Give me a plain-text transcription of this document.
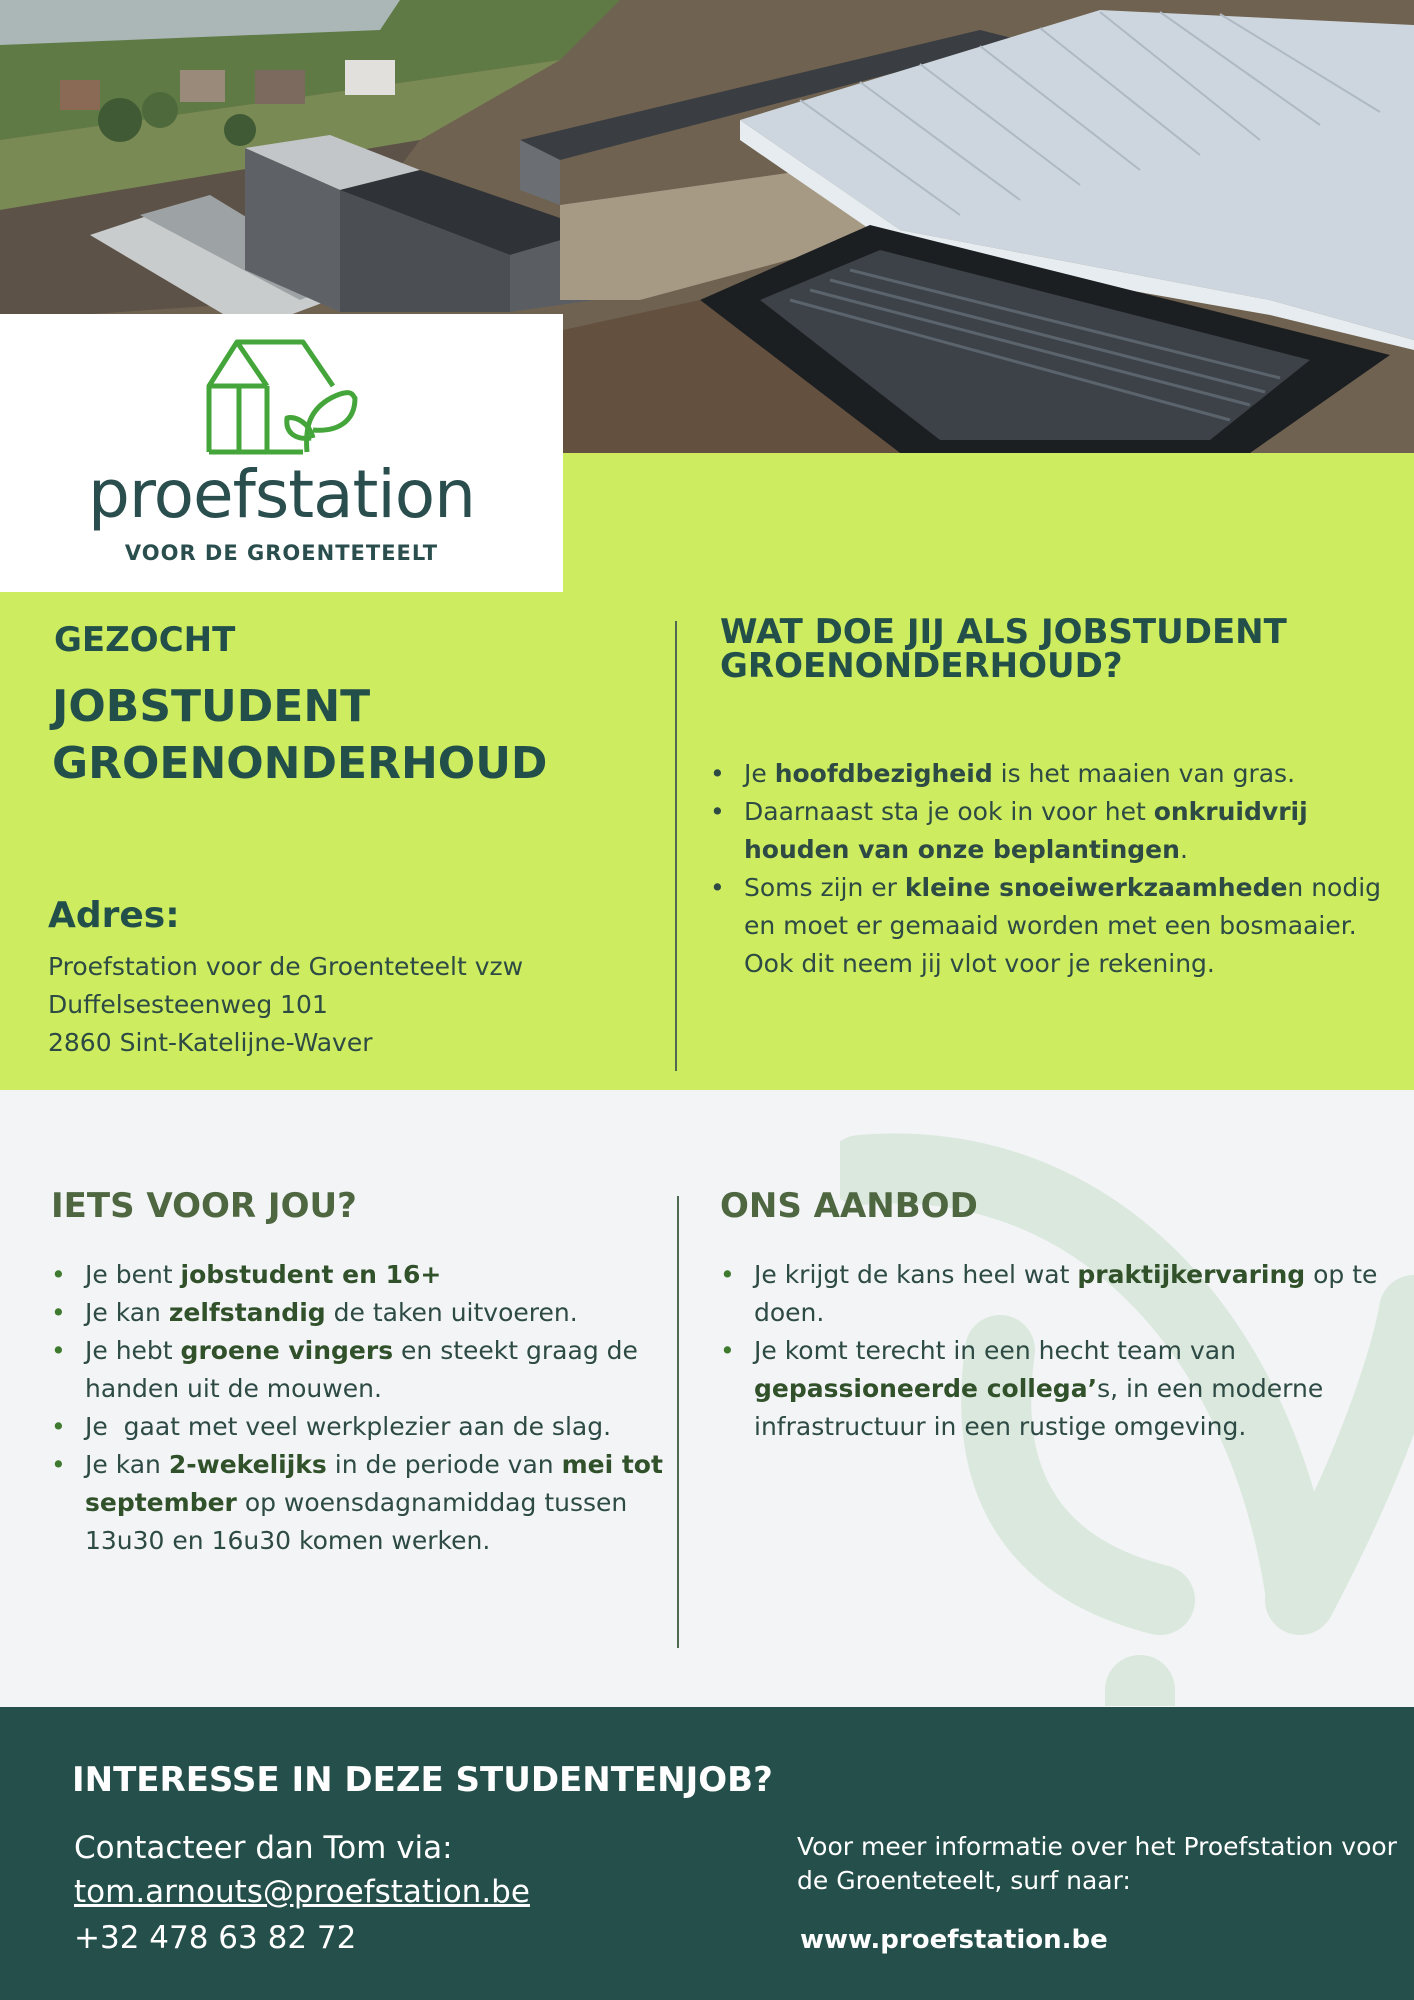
proefstation
VOOR DE GROENTETEELT
GEZOCHT
JOBSTUDENT
GROENONDERHOUD
Adres:
Proefstation voor de Groenteteelt vzw
Duffelsesteenweg 101
2860 Sint-Katelijne-Waver
WAT DOE JIJ ALS JOBSTUDENT
GROENONDERHOUD?
• Je hoofdbezigheid is het maaien van gras.
• Daarnaast sta je ook in voor het onkruidvrij houden van onze beplantingen.
• Soms zijn er kleine snoeiwerkzaamheden nodig en moet er gemaaid worden met een bosmaaier. Ook dit neem jij vlot voor je rekening.
IETS VOOR JOU?
• Je bent jobstudent en 16+
• Je kan zelfstandig de taken uitvoeren.
• Je hebt groene vingers en steekt graag de handen uit de mouwen.
• Je  gaat met veel werkplezier aan de slag.
• Je kan 2-wekelijks in de periode van mei tot september op woensdagnamiddag tussen 13u30 en 16u30 komen werken.
ONS AANBOD
• Je krijgt de kans heel wat praktijkervaring op te doen.
• Je komt terecht in een hecht team van gepassioneerde collega’s, in een moderne infrastructuur in een rustige omgeving.
INTERESSE IN DEZE STUDENTENJOB?
Contacteer dan Tom via:
tom.arnouts@proefstation.be
+32 478 63 82 72
Voor meer informatie over het Proefstation voor de Groenteteelt, surf naar:
www.proefstation.be
